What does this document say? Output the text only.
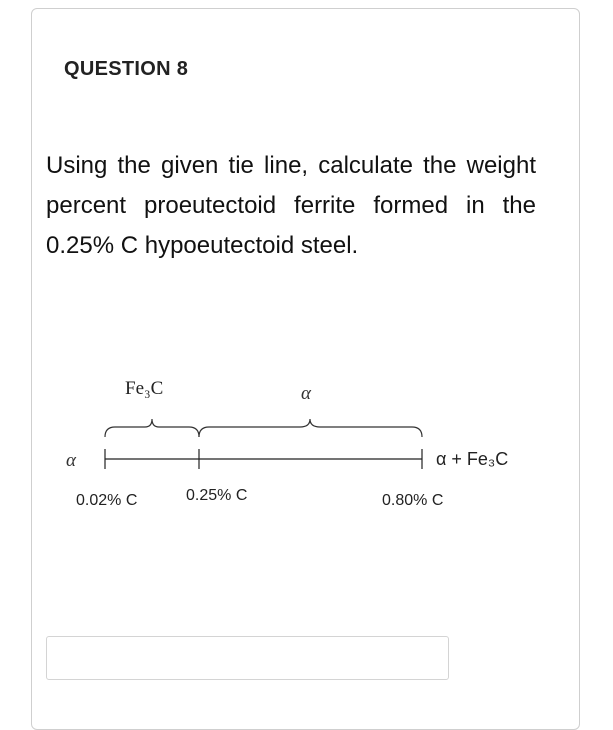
QUESTION 8

Using the given tie line, calculate the weight percent proeutectoid ferrite formed in the 0.25% C hypoeutectoid steel.

Fe₃C	α
α	α + Fe₃C
0.02% C	0.25% C	0.80% C
